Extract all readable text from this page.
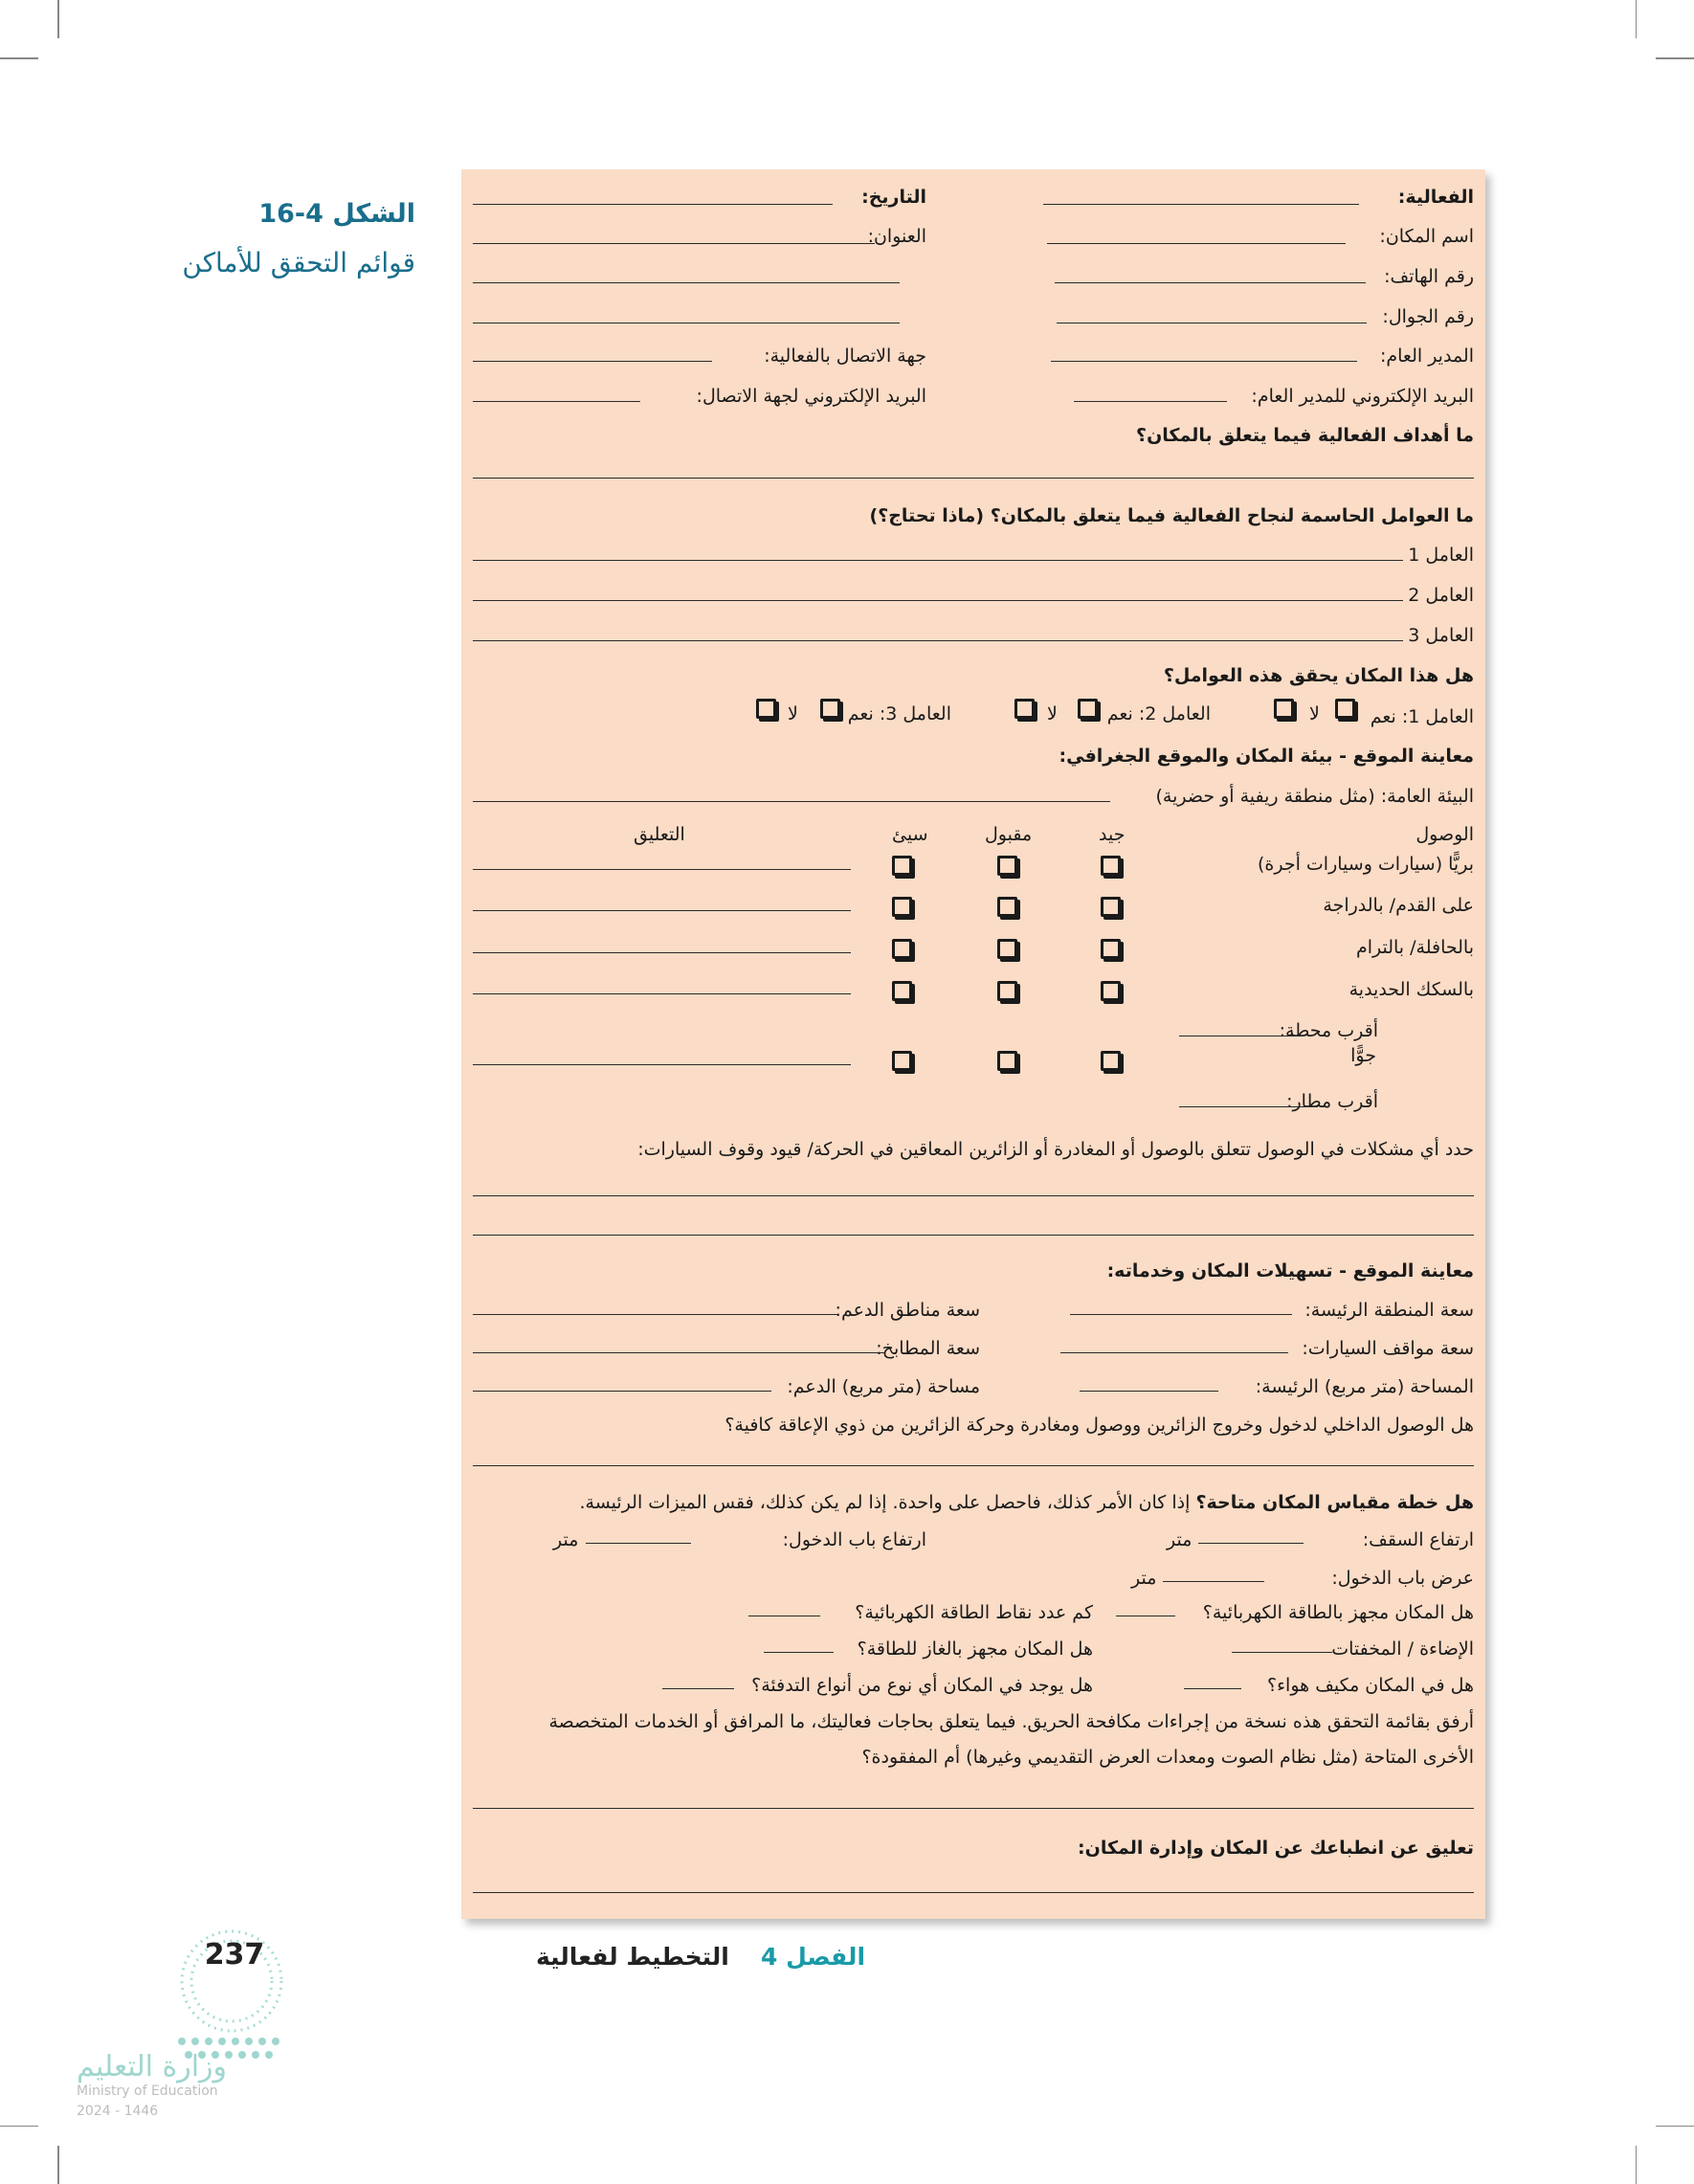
الشكل 4-16
قوائم التحقق للأماكن
الفعالية:
التاريخ:
اسم المكان:
العنوان:
رقم الهاتف:
رقم الجوال:
المدير العام:
جهة الاتصال بالفعالية:
البريد الإلكتروني للمدير العام:
البريد الإلكتروني لجهة الاتصال:
ما أهداف الفعالية فيما يتعلق بالمكان؟
ما العوامل الحاسمة لنجاح الفعالية فيما يتعلق بالمكان؟ (ماذا تحتاج؟)
العامل 1
العامل 2
العامل 3
هل هذا المكان يحقق هذه العوامل؟
العامل 1: نعم
لا
العامل 2: نعم
لا
العامل 3: نعم
لا
معاينة الموقع - بيئة المكان والموقع الجغرافي:
البيئة العامة: (مثل منطقة ريفية أو حضرية)
الوصول
جيد
مقبول
سيئ
التعليق
بريًّا (سيارات وسيارات أجرة)
على القدم/ بالدراجة
بالحافلة/ بالترام
بالسكك الحديدية
أقرب محطة:
جوًّا
أقرب مطار:
حدد أي مشكلات في الوصول تتعلق بالوصول أو المغادرة أو الزائرين المعاقين في الحركة/ قيود وقوف السيارات:
معاينة الموقع - تسهيلات المكان وخدماته:
سعة المنطقة الرئيسة:
سعة مناطق الدعم:
سعة مواقف السيارات:
سعة المطابخ:
المساحة (متر مربع) الرئيسة:
مساحة (متر مربع) الدعم:
هل الوصول الداخلي لدخول وخروج الزائرين ووصول ومغادرة وحركة الزائرين من ذوي الإعاقة كافية؟
هل خطة مقياس المكان متاحة؟ إذا كان الأمر كذلك، فاحصل على واحدة. إذا لم يكن كذلك، فقس الميزات الرئيسة.
ارتفاع السقف:
متر
ارتفاع باب الدخول:
متر
عرض باب الدخول:
متر
هل المكان مجهز بالطاقة الكهربائية؟
كم عدد نقاط الطاقة الكهربائية؟
الإضاءة / المخفتات
هل المكان مجهز بالغاز للطاقة؟
هل في المكان مكيف هواء؟
هل يوجد في المكان أي نوع من أنواع التدفئة؟
أرفق بقائمة التحقق هذه نسخة من إجراءات مكافحة الحريق. فيما يتعلق بحاجات فعاليتك، ما المرافق أو الخدمات المتخصصة
الأخرى المتاحة (مثل نظام الصوت ومعدات العرض التقديمي وغيرها) أم المفقودة؟
تعليق عن انطباعك عن المكان وإدارة المكان:
التخطيط لفعالية الفصل 4
237
وزارة التعليم
Ministry of Education
2024 - 1446
